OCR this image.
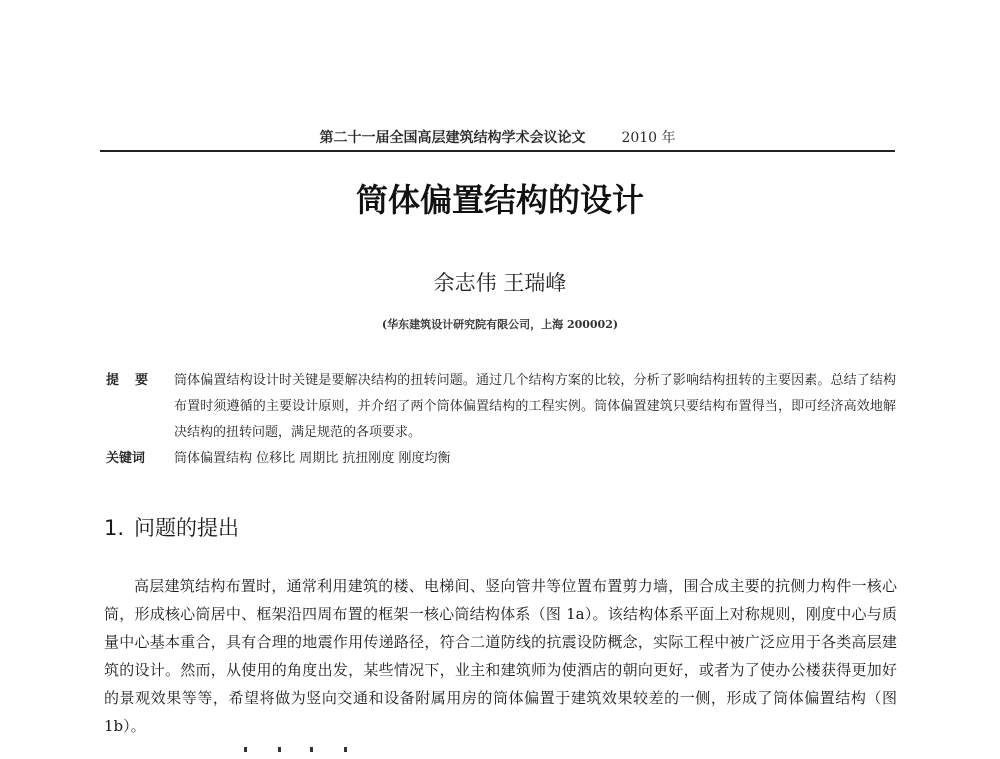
第二十一届全国高层建筑结构学术会议论文	2010 年
筒体偏置结构的设计
余志伟 王瑞峰
(华东建筑设计研究院有限公司，上海 200002)
提要 筒体偏置结构设计时关键是要解决结构的扭转问题。通过几个结构方案的比较，分析了影响结构扭转的主要因素。总结了结构布置时须遵循的主要设计原则，并介绍了两个筒体偏置结构的工程实例。筒体偏置建筑只要结构布置得当，即可经济高效地解决结构的扭转问题，满足规范的各项要求。
关键词	筒体偏置结构 位移比 周期比 抗扭刚度 刚度均衡
1. 问题的提出
高层建筑结构布置时，通常利用建筑的楼、电梯间、竖向管井等位置布置剪力墙，围合成主要的抗侧力构件一核心筒，形成核心筒居中、框架沿四周布置的框架一核心筒结构体系（图 1a）。该结构体系平面上对称规则，刚度中心与质量中心基本重合，具有合理的地震作用传递路径，符合二道防线的抗震设防概念，实际工程中被广泛应用于各类高层建筑的设计。然而，从使用的角度出发，某些情况下，业主和建筑师为使酒店的朝向更好，或者为了使办公楼获得更加好的景观效果等等，希望将做为竖向交通和设备附属用房的筒体偏置于建筑效果较差的一侧，形成了筒体偏置结构（图 1b）。
